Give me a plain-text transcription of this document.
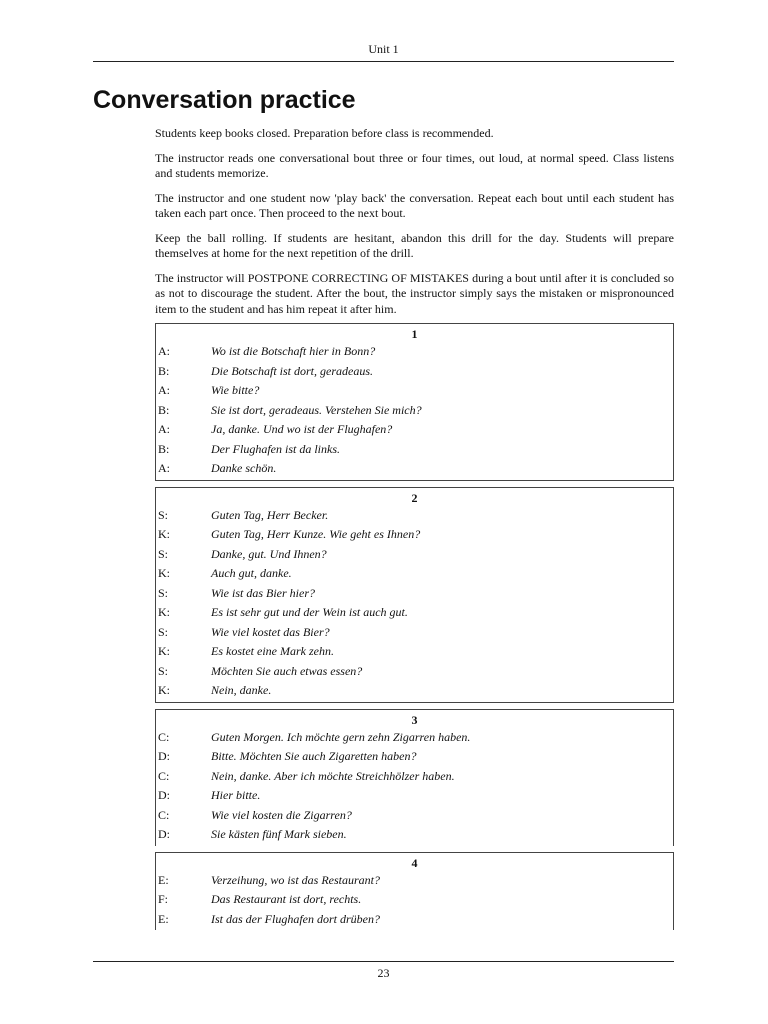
Unit 1
Conversation practice

Students keep books closed. Preparation before class is recommended.

The instructor reads one conversational bout three or four times, out loud, at normal speed. Class listens and students memorize.

The instructor and one student now 'play back' the conversation. Repeat each bout until each student has taken each part once. Then proceed to the next bout.

Keep the ball rolling. If students are hesitant, abandon this drill for the day. Students will prepare themselves at home for the next repetition of the drill.

The instructor will POSTPONE CORRECTING OF MISTAKES during a bout until after it is concluded so as not to discourage the student. After the bout, the instructor simply says the mistaken or mispronounced item to the student and has him repeat it after him.

1
A:	Wo ist die Botschaft hier in Bonn?
B:	Die Botschaft ist dort, geradeaus.
A:	Wie bitte?
B:	Sie ist dort, geradeaus. Verstehen Sie mich?
A:	Ja, danke. Und wo ist der Flughafen?
B:	Der Flughafen ist da links.
A:	Danke schön.
2
S:	Guten Tag, Herr Becker.
K:	Guten Tag, Herr Kunze. Wie geht es Ihnen?
S:	Danke, gut. Und Ihnen?
K:	Auch gut, danke.
S:	Wie ist das Bier hier?
K:	Es ist sehr gut und der Wein ist auch gut.
S:	Wie viel kostet das Bier?
K:	Es kostet eine Mark zehn.
S:	Möchten Sie auch etwas essen?
K:	Nein, danke.
3
C:	Guten Morgen. Ich möchte gern zehn Zigarren haben.
D:	Bitte. Möchten Sie auch Zigaretten haben?
C:	Nein, danke. Aber ich möchte Streichhölzer haben.
D:	Hier bitte.
C:	Wie viel kosten die Zigarren?
D:	Sie kästen fünf Mark sieben.
4
E:	Verzeihung, wo ist das Restaurant?
F:	Das Restaurant ist dort, rechts.
E:	Ist das der Flughafen dort drüben?
23
